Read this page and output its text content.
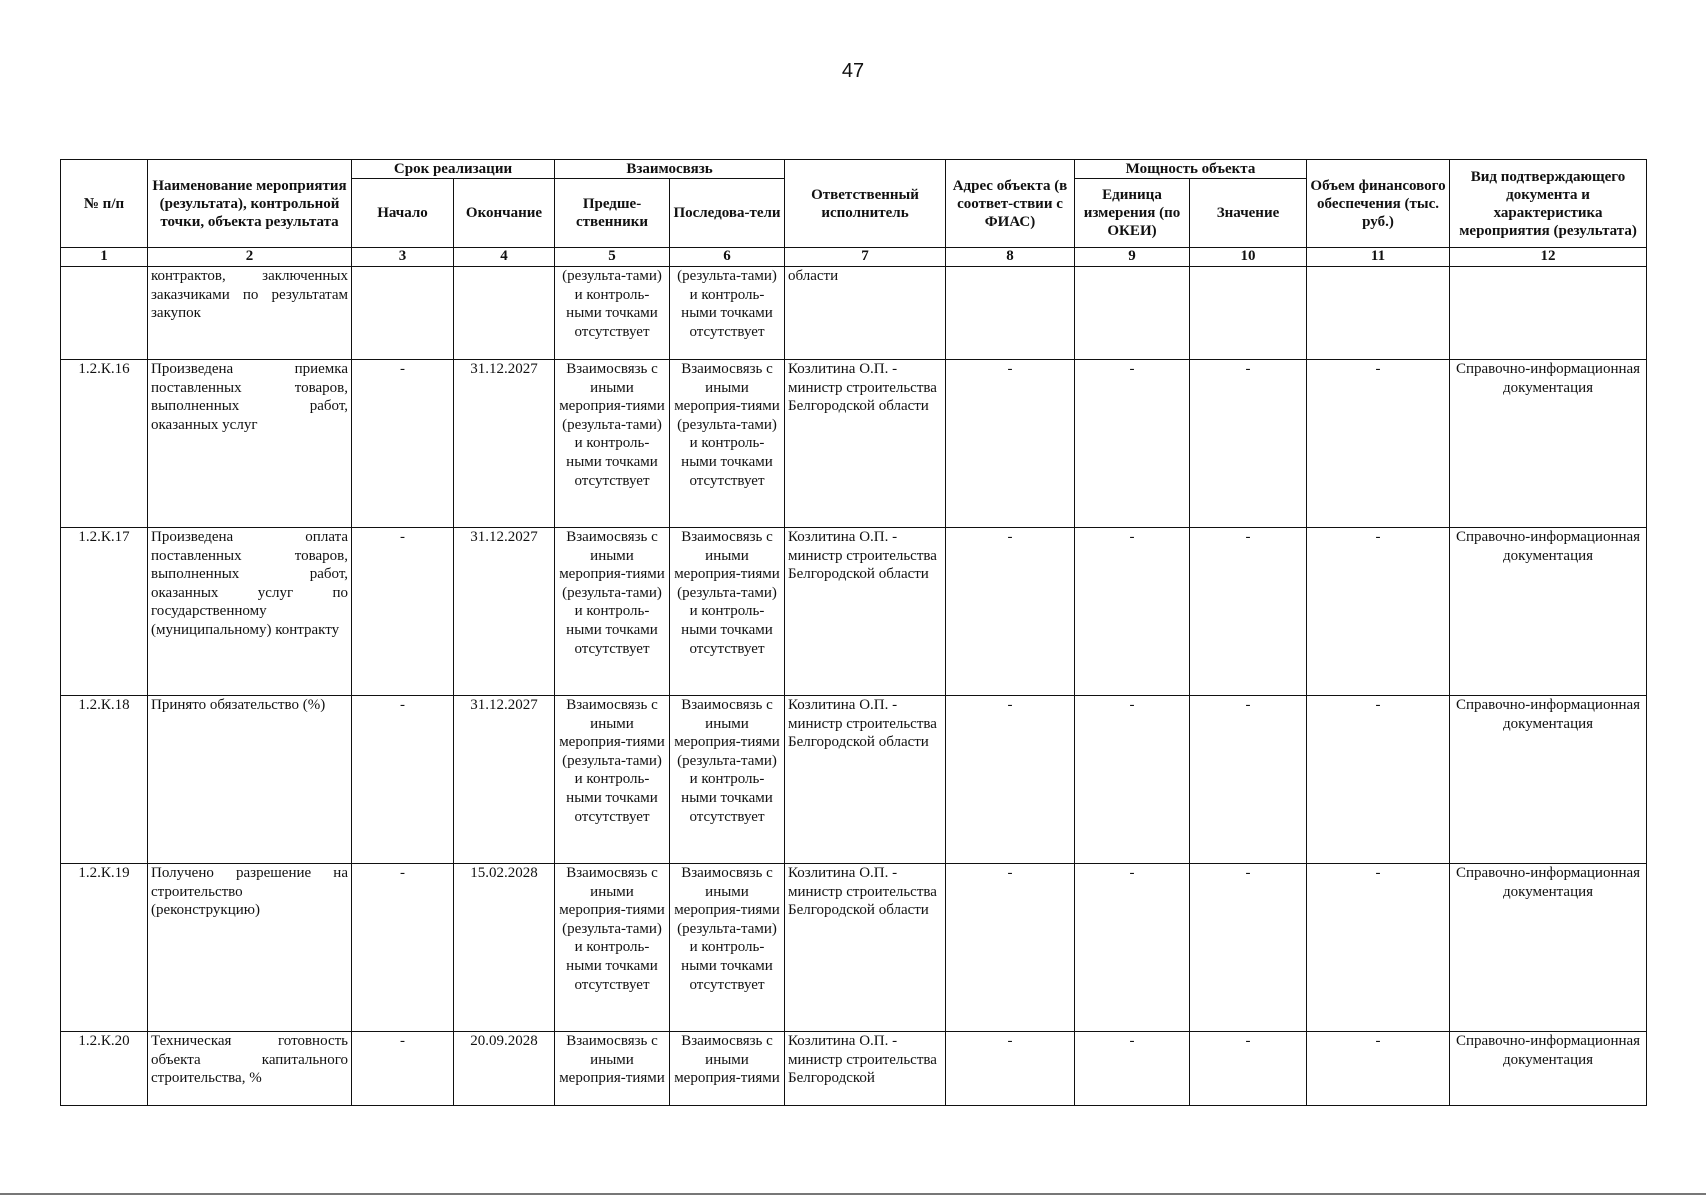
47
№ п/п	Наименование мероприятия (результата), контрольной точки, объекта результата	Срок реализации		Взаимосвязь		Ответственный исполнитель	Адрес объекта (в соответ-ствии с ФИАС)	Мощность объекта		Объем финансового обеспечения (тыс. руб.)	Вид подтверждающего документа и характеристика мероприятия (результата)
		Начало	Окончание	Предше-ственники	Последова-тели			Единица измерения (по ОКЕИ)	Значение		
1	2	3	4	5	6	7	8	9	10	11	12
	контрактов, заключенных заказчиками по результатам закупок			(результа-тами) и контроль-ными точками отсутствует	(результа-тами) и контроль-ными точками отсутствует	области					
1.2.К.16	Произведена приемка поставленных товаров, выполненных работ, оказанных услуг	-	31.12.2027	Взаимосвязь с иными мероприя-тиями (результа-тами) и контроль-ными точками отсутствует	Взаимосвязь с иными мероприя-тиями (результа-тами) и контроль-ными точками отсутствует	Козлитина О.П. - министр строительства Белгородской области	-	-	-	-	Справочно-информационная документация
1.2.К.17	Произведена оплата поставленных товаров, выполненных работ, оказанных услуг по государственному (муниципальному) контракту	-	31.12.2027	Взаимосвязь с иными мероприя-тиями (результа-тами) и контроль-ными точками отсутствует	Взаимосвязь с иными мероприя-тиями (результа-тами) и контроль-ными точками отсутствует	Козлитина О.П. - министр строительства Белгородской области	-	-	-	-	Справочно-информационная документация
1.2.К.18	Принято обязательство (%)	-	31.12.2027	Взаимосвязь с иными мероприя-тиями (результа-тами) и контроль-ными точками отсутствует	Взаимосвязь с иными мероприя-тиями (результа-тами) и контроль-ными точками отсутствует	Козлитина О.П. - министр строительства Белгородской области	-	-	-	-	Справочно-информационная документация
1.2.К.19	Получено разрешение на строительство (реконструкцию)	-	15.02.2028	Взаимосвязь с иными мероприя-тиями (результа-тами) и контроль-ными точками отсутствует	Взаимосвязь с иными мероприя-тиями (результа-тами) и контроль-ными точками отсутствует	Козлитина О.П. - министр строительства Белгородской области	-	-	-	-	Справочно-информационная документация
1.2.К.20	Техническая готовность объекта капитального строительства, %	-	20.09.2028	Взаимосвязь с иными мероприя-тиями	Взаимосвязь с иными мероприя-тиями	Козлитина О.П. - министр строительства Белгородской	-	-	-	-	Справочно-информационная документация
